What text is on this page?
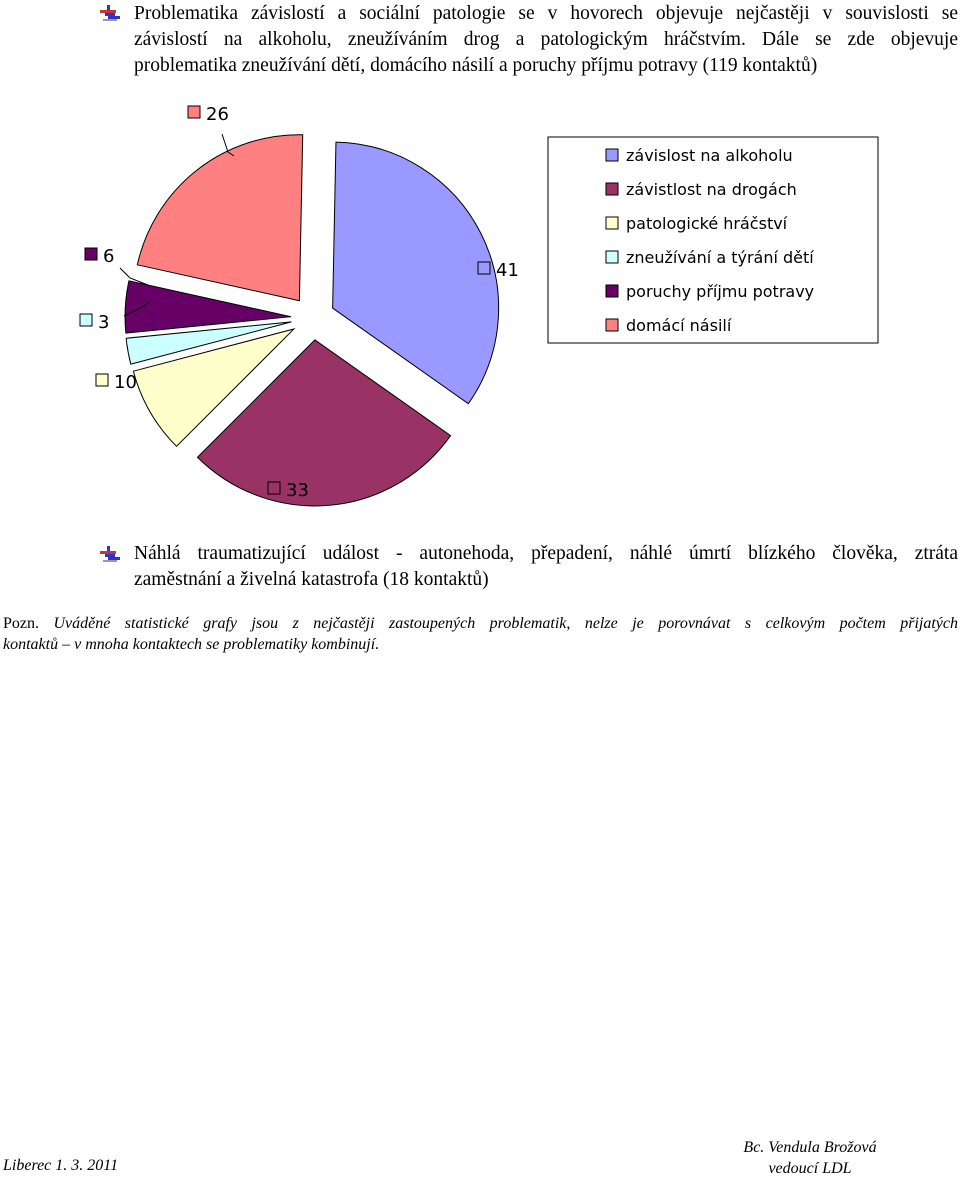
Problematika závislostí a sociální patologie se v hovorech objevuje nejčastěji v souvislosti se
závislostí na alkoholu, zneužíváním drog a patologickým hráčstvím. Dále se zde objevuje
problematika zneužívání dětí, domácího násilí a poruchy příjmu potravy (119 kontaktů)
41
33
10
3
6
26
závislost na alkoholu
závistlost na drogách
patologické hráčství
zneužívání a týrání dětí
poruchy příjmu potravy
domácí násilí
Náhlá traumatizující událost - autonehoda, přepadení, náhlé úmrtí blízkého člověka, ztráta
zaměstnání a živelná katastrofa (18 kontaktů)
Pozn. Uváděné statistické grafy jsou z nejčastěji zastoupených problematik, nelze je porovnávat s celkovým počtem přijatých
kontaktů – v mnoha kontaktech se problematiky kombinují.
Liberec 1. 3. 2011
Bc. Vendula Brožová
vedoucí LDL
